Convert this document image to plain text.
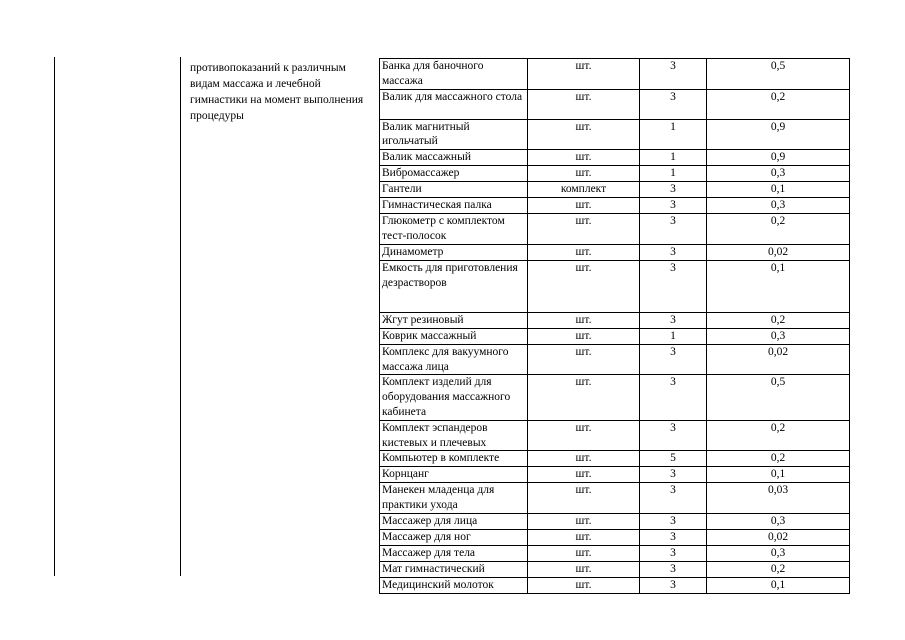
противопоказаний к различным видам массажа и лечебной гимнастики на момент выполнения процедуры
Банка для баночного массажа	шт.	3	0,5
Валик для массажного стола	шт.	3	0,2
Валик магнитный игольчатый	шт.	1	0,9
Валик массажный	шт.	1	0,9
Вибромассажер	шт.	1	0,3
Гантели	комплект	3	0,1
Гимнастическая палка	шт.	3	0,3
Глюкометр с комплектом тест-полосок	шт.	3	0,2
Динамометр	шт.	3	0,02
Емкость для приготовления дезрастворов	шт.	3	0,1
Жгут резиновый	шт.	3	0,2
Коврик массажный	шт.	1	0,3
Комплекс для вакуумного массажа лица	шт.	3	0,02
Комплект изделий для оборудования массажного кабинета	шт.	3	0,5
Комплект эспандеров кистевых и плечевых	шт.	3	0,2
Компьютер в комплекте	шт.	5	0,2
Корнцанг	шт.	3	0,1
Манекен младенца для практики ухода	шт.	3	0,03
Массажер для лица	шт.	3	0,3
Массажер для ног	шт.	3	0,02
Массажер для тела	шт.	3	0,3
Мат гимнастический	шт.	3	0,2
Медицинский молоток	шт.	3	0,1
